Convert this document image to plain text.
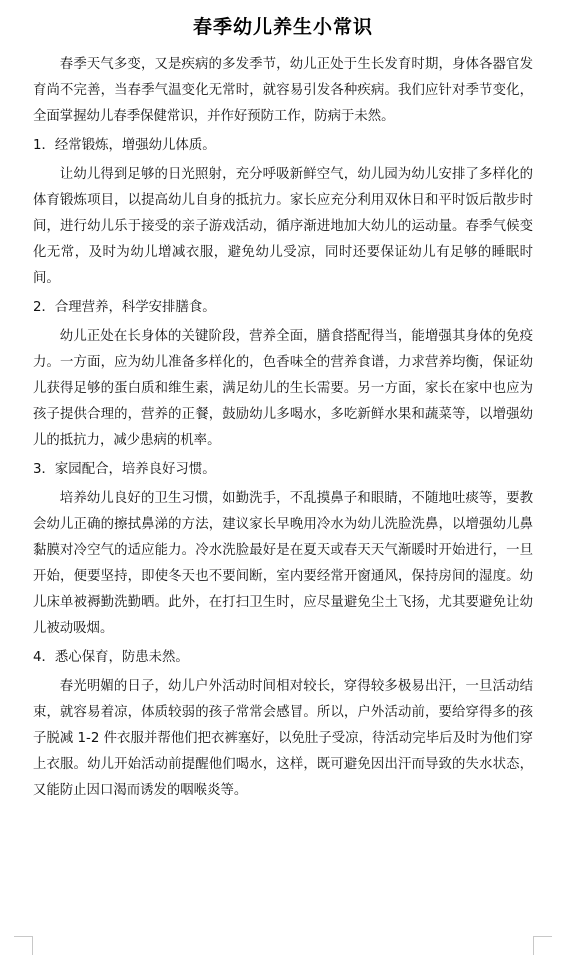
春季幼儿养生小常识

春季天气多变，又是疾病的多发季节，幼儿正处于生长发育时期，身体各器官发育尚不完善，当春季气温变化无常时，就容易引发各种疾病。我们应针对季节变化，全面掌握幼儿春季保健常识，并作好预防工作，防病于未然。

1．经常锻炼，增强幼儿体质。

让幼儿得到足够的日光照射，充分呼吸新鲜空气，幼儿园为幼儿安排了多样化的体育锻炼项目，以提高幼儿自身的抵抗力。家长应充分利用双休日和平时饭后散步时间，进行幼儿乐于接受的亲子游戏活动，循序渐进地加大幼儿的运动量。春季气候变化无常，及时为幼儿增减衣服，避免幼儿受凉，同时还要保证幼儿有足够的睡眠时间。

2．合理营养，科学安排膳食。

幼儿正处在长身体的关键阶段，营养全面，膳食搭配得当，能增强其身体的免疫力。一方面，应为幼儿准备多样化的，色香味全的营养食谱，力求营养均衡，保证幼儿获得足够的蛋白质和维生素，满足幼儿的生长需要。另一方面，家长在家中也应为孩子提供合理的，营养的正餐，鼓励幼儿多喝水，多吃新鲜水果和蔬菜等，以增强幼儿的抵抗力，减少患病的机率。

3．家园配合，培养良好习惯。

培养幼儿良好的卫生习惯，如勤洗手，不乱摸鼻子和眼睛，不随地吐痰等，要教会幼儿正确的擦拭鼻涕的方法，建议家长早晚用冷水为幼儿洗脸洗鼻，以增强幼儿鼻黏膜对冷空气的适应能力。冷水洗脸最好是在夏天或春天天气渐暖时开始进行，一旦开始，便要坚持，即使冬天也不要间断，室内要经常开窗通风，保持房间的湿度。幼儿床单被褥勤洗勤晒。此外，在打扫卫生时，应尽量避免尘土飞扬，尤其要避免让幼儿被动吸烟。

4．悉心保育，防患未然。

春光明媚的日子，幼儿户外活动时间相对较长，穿得较多极易出汗，一旦活动结束，就容易着凉，体质较弱的孩子常常会感冒。所以，户外活动前，要给穿得多的孩子脱减 1-2 件衣服并帮他们把衣裤塞好，以免肚子受凉，待活动完毕后及时为他们穿上衣服。幼儿开始活动前提醒他们喝水，这样，既可避免因出汗而导致的失水状态，又能防止因口渴而诱发的咽喉炎等。
